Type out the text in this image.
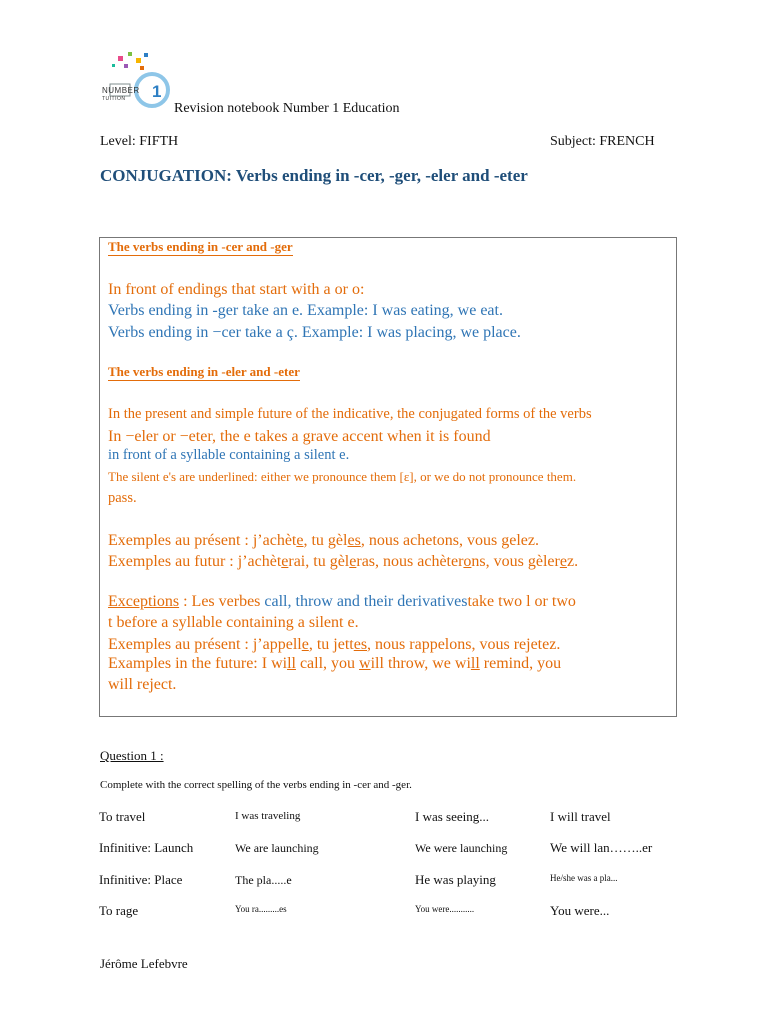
NUMBER
TUITION 1
Revision notebook Number 1 Education
Level: FIFTH	Subject: FRENCH
CONJUGATION: Verbs ending in -cer, -ger, -eler and -eter
The verbs ending in -cer and -ger
In front of endings that start with a or o:
Verbs ending in -ger take an e. Example: I was eating, we eat.
Verbs ending in −cer take a ç. Example: I was placing, we place.
The verbs ending in -eler and -eter
In the present and simple future of the indicative, the conjugated forms of the verbs
In −eler or −eter, the e takes a grave accent when it is found
in front of a syllable containing a silent e.
The silent e's are underlined: either we pronounce them [ɛ], or we do not pronounce them.
pass.
Exemples au présent : j’achète, tu gèles, nous achetons, vous gelez.
Exemples au futur : j’achèterai, tu gèleras, nous achèterons, vous gèlerez.
Exceptions : Les verbes call, throw and their derivativestake two l or two
t before a syllable containing a silent e.
Exemples au présent : j’appelle, tu jettes, nous rappelons, vous rejetez.
Examples in the future: I will call, you will throw, we will remind, you
will reject.
Question 1 :
Complete with the correct spelling of the verbs ending in -cer and -ger.
To travel	I was traveling	I was seeing...	I will travel
Infinitive: Launch	We are launching	We were launching	We will lan……..er
Infinitive: Place	The pla.....e	He was playing	He/she was a pla...
To rage	You ra.........es	You were...........	You were...
Jérôme Lefebvre
